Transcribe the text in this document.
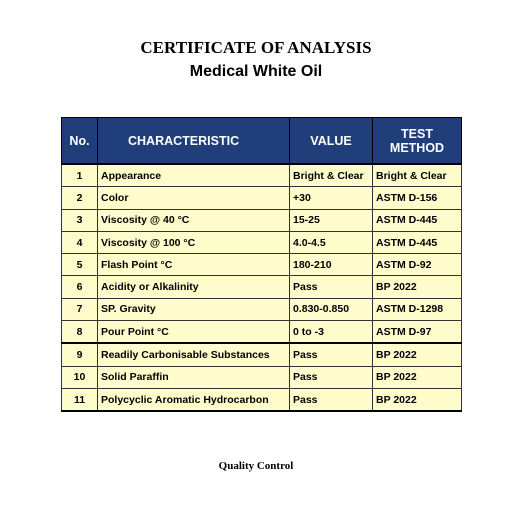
CERTIFICATE OF ANALYSIS
Medical White Oil
No.	CHARACTERISTIC	VALUE	TEST METHOD
1	Appearance	Bright & Clear	Bright & Clear
2	Color	+30	ASTM D-156
3	Viscosity @ 40 °C	15-25	ASTM D-445
4	Viscosity @ 100 °C	4.0-4.5	ASTM D-445
5	Flash Point °C	180-210	ASTM D-92
6	Acidity or Alkalinity	Pass	BP 2022
7	SP. Gravity	0.830-0.850	ASTM D-1298
8	Pour Point °C	0 to -3	ASTM D-97
9	Readily Carbonisable Substances	Pass	BP 2022
10	Solid Paraffin	Pass	BP 2022
11	Polycyclic Aromatic Hydrocarbon	Pass	BP 2022
Quality Control
